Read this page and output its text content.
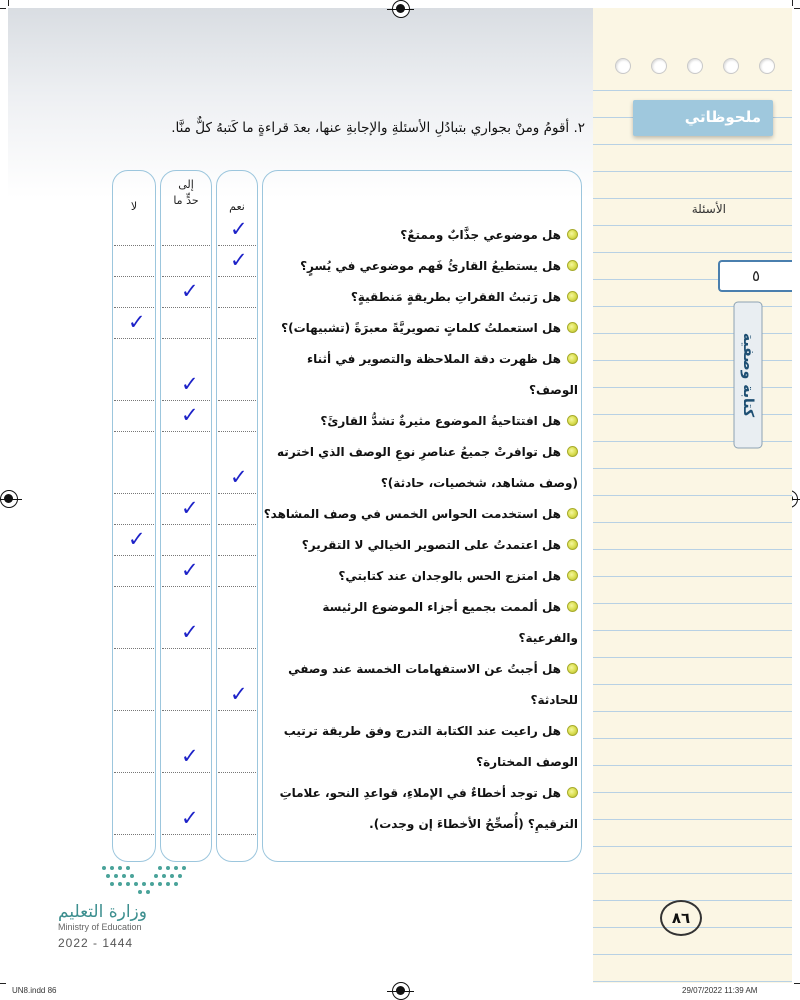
ملحوظاتي
٥
كتابة وصفية
٢. أقومُ ومنْ بجواري بتبادُلِ الأسئلةِ والإجابةِ عنها، بعدَ قراءةٍ ما كَتبهُ كلٌّ منَّا.
نعم
إلى
حدٍّ ما
لا	الأسئلة
هل موضوعي جذَّابٌ وممتعٌ؟
✓
هل يستطيعُ القارئُ فَهم موضوعي في يُسرٍ؟
✓
هل رَتبتُ الفقراتِ بطريقةٍ مَنطقيةٍ؟
✓
هل استعملتُ كلماتٍ تصويريَّةً معبرَةً (تشبيهات)؟
✓
هل ظهرت دقة الملاحظة والتصوير في أثناء
الوصف؟
✓
هل افتتاحيةُ الموضوع مثيرةٌ تشدُّ القارئَ؟
✓
هل توافرتْ جميعُ عناصرِ نوعِ الوصف الذي اخترته
(وصف مشاهد، شخصيات، حادثة)؟
✓
هل استخدمت الحواس الخمس في وصف المشاهد؟
✓
هل اعتمدتُ على التصوير الخيالي لا التقرير؟
✓
هل امتزج الحس بالوجدان عند كتابتي؟
✓
هل ألممت بجميع أجزاء الموضوع الرئيسة
والفرعية؟
✓
هل أجبتُ عن الاستفهامات الخمسة عند وصفي
للحادثة؟
✓
هل راعيت عند الكتابة التدرج وفق طريقة ترتيب
الوصف المختارة؟
✓
هل توجد أخطاءٌ في الإملاءِ، قواعدِ النحو، علاماتِ
الترقيمِ؟ (أُصحِّحُ الأخطاءَ إن وجدت).
✓
وزارة التعليم
Ministry of Education
2022 - 1444
٨٦
UN8.indd 86	29/07/2022 11:39 AM
